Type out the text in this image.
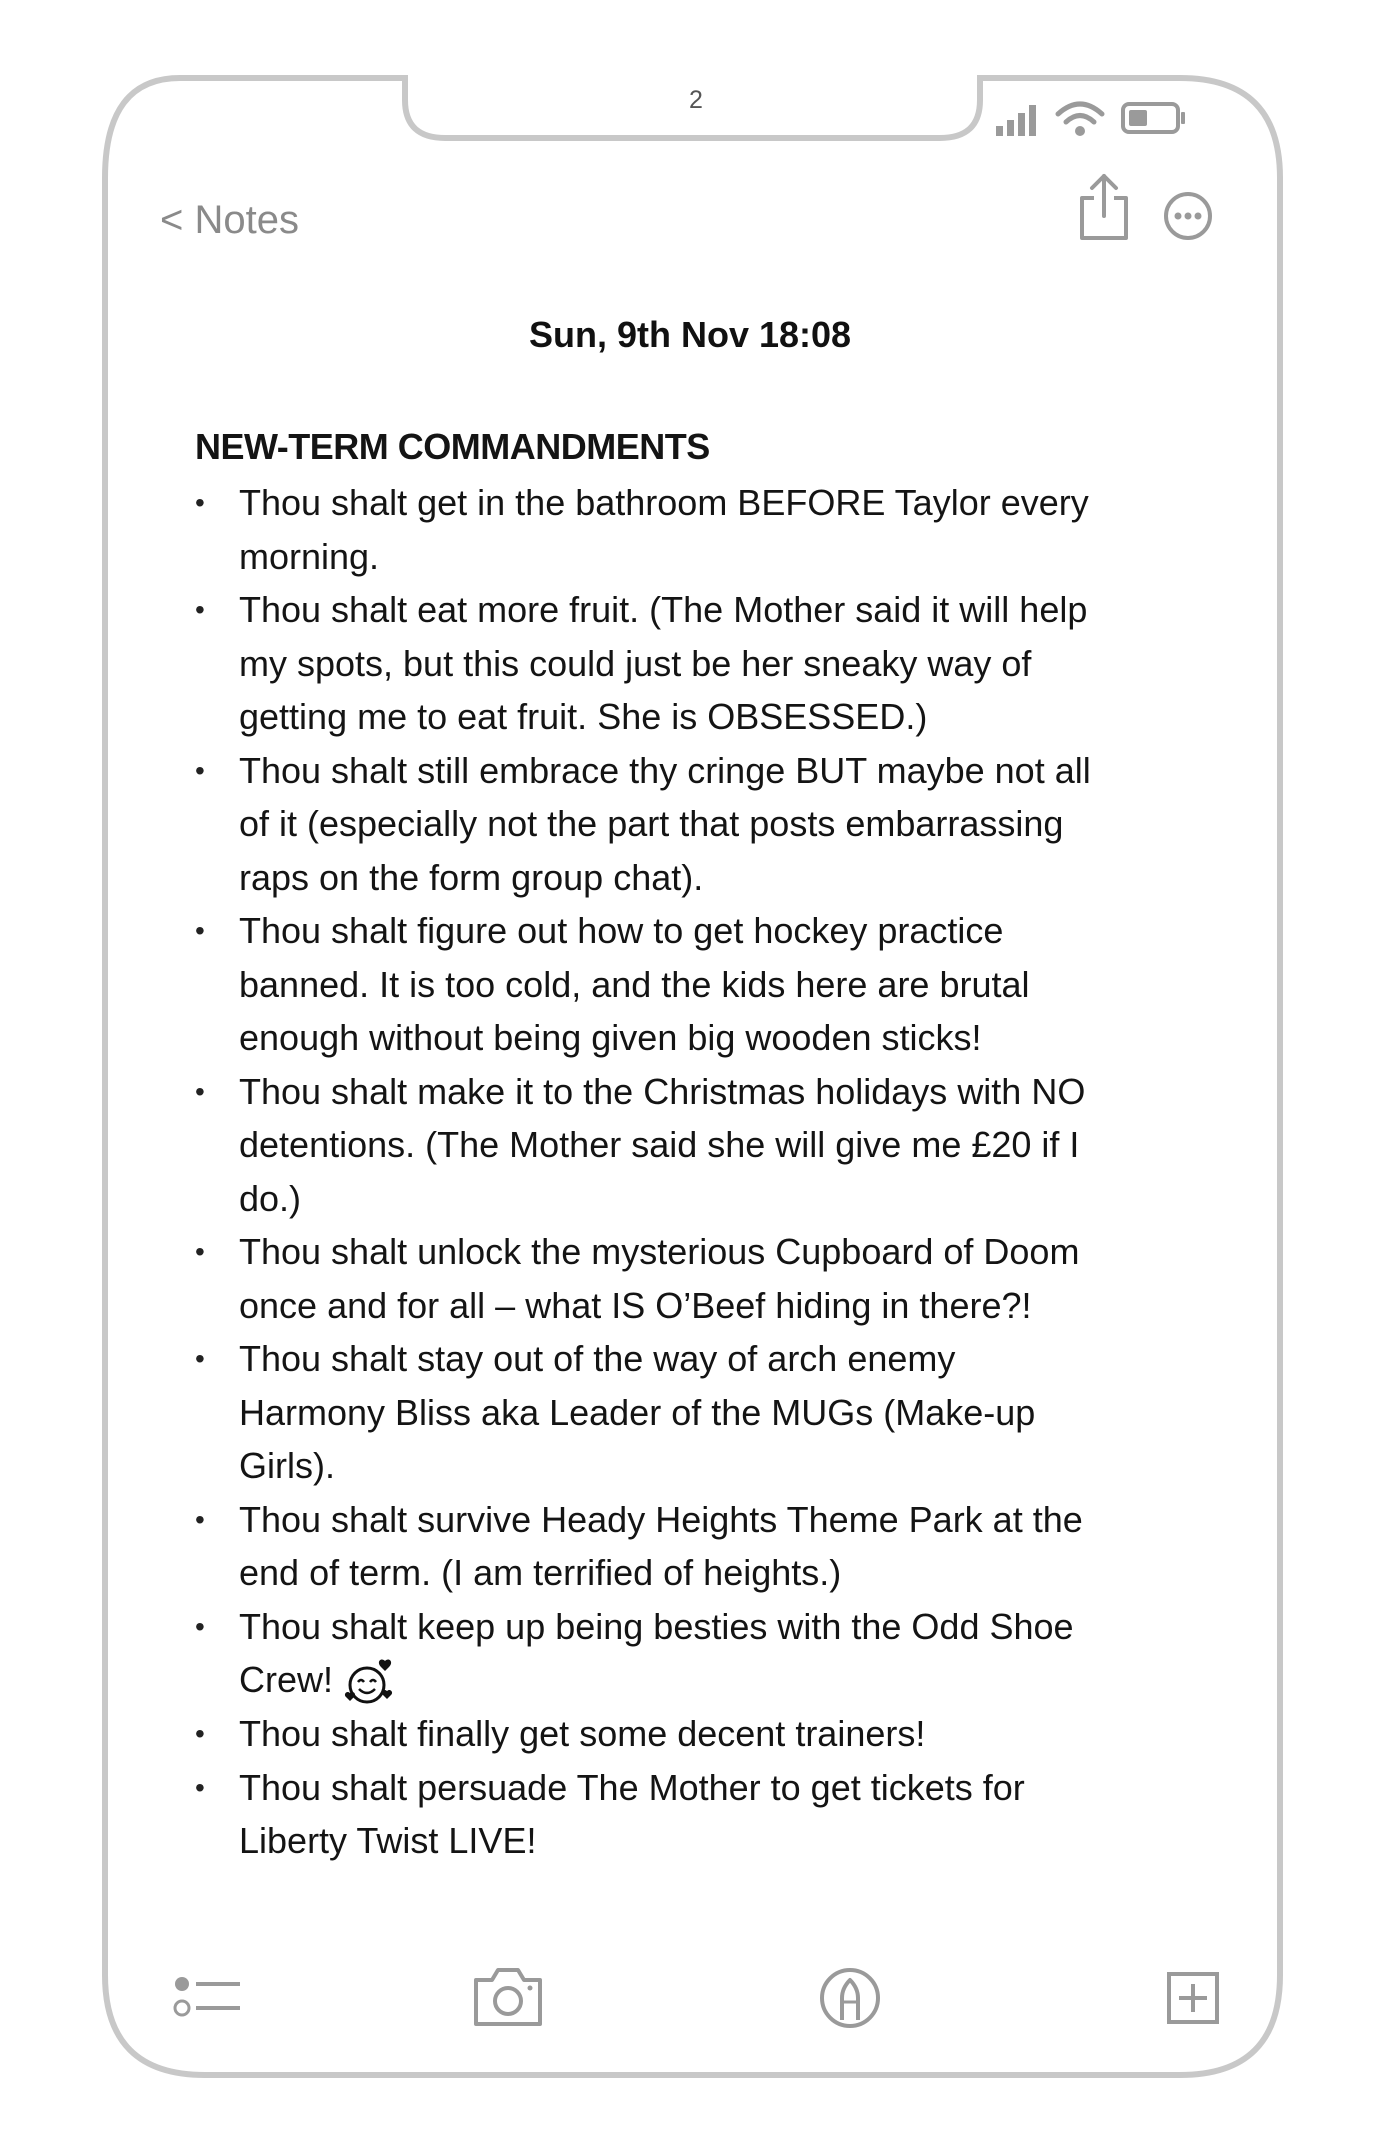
2
< Notes
Sun, 9th Nov 18:08
NEW-TERM COMMANDMENTS
• Thou shalt get in the bathroom BEFORE Taylor every morning.
• Thou shalt eat more fruit. (The Mother said it will help my spots, but this could just be her sneaky way of getting me to eat fruit. She is OBSESSED.)
• Thou shalt still embrace thy cringe BUT maybe not all of it (especially not the part that posts embarrassing raps on the form group chat).
• Thou shalt figure out how to get hockey practice banned. It is too cold, and the kids here are brutal enough without being given big wooden sticks!
• Thou shalt make it to the Christmas holidays with NO detentions. (The Mother said she will give me £20 if I do.)
• Thou shalt unlock the mysterious Cupboard of Doom once and for all – what IS O’Beef hiding in there?!
• Thou shalt stay out of the way of arch enemy Harmony Bliss aka Leader of the MUGs (Make-up Girls).
• Thou shalt survive Heady Heights Theme Park at the end of term. (I am terrified of heights.)
• Thou shalt keep up being besties with the Odd Shoe Crew!
• Thou shalt finally get some decent trainers!
• Thou shalt persuade The Mother to get tickets for Liberty Twist LIVE!
